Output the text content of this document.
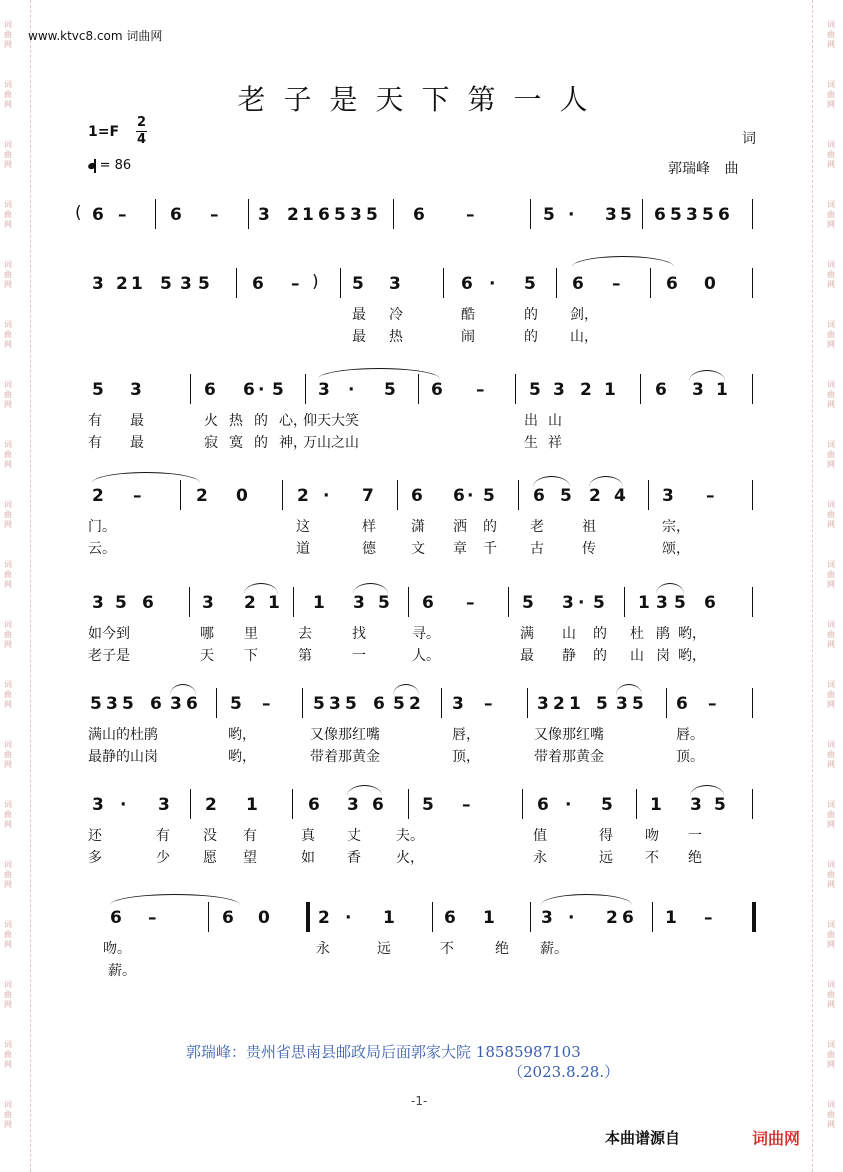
词
曲
网
词
曲
网
词
曲
网
词
曲
网
词
曲
网
词
曲
网
词
曲
网
词
曲
网
词
曲
网
词
曲
网
词
曲
网
词
曲
网
词
曲
网
词
曲
网
词
曲
网
词
曲
网
词
曲
网
词
曲
网
词
曲
网
词
曲
网
词
曲
网
词
曲
网
词
曲
网
词
曲
网
词
曲
网
词
曲
网
词
曲
网
词
曲
网
词
曲
网
词
曲
网
词
曲
网
词
曲
网
词
曲
网
词
曲
网
词
曲
网
词
曲
网
词
曲
网
词
曲
网
www.ktvc8.com 词曲网
老子是天下第一人
1=F
2
4
= 86
词
郭瑞峰 曲
6 –	6 – 3 2 1 6 5 3 5 6 –	5 · 3 5 6 5 3 5 6
(
3 2 1 5 3 5 6 –	5 3	6 · 5 6 –	6 0
)
最 冷	酷	的 剑，
最 热	闹	的 山，
5 3	6 6 · 5 3 · 5 6 –	5 3 2 1 6 3 1
有 最	火 热 的 心，
仰天大笑	出 山
有 最	寂 寞 的 神，
万山之山	生 祥
2 –	2 0	2 · 7 6 6 · 5 6 5 2 4 3 –
门。	这	样	潇 洒 的 老	祖	宗，
云。	道	德	文 章 千 古	传	颂，
3 5 6	3 2 1 1 3 5 6 –	5 3 · 5 1 3 5 6
如今到	哪 里	去	找	寻。	满 山 的 杜 鹃 哟，
老子是	天 下	第	一	人。	最 静 的 山 岗 哟，
5 3 5 6 3 6 5 –	5 3 5 6 5 2 3 –	3 2 1 5 3 5 6 –
满山的杜鹃	哟，	又像那红嘴	唇，	又像那红嘴	唇。
最静的山岗	哟，	带着那黄金	顶，	带着那黄金	顶。
3 · 3 2 1	6 3 6 5 –	6 · 5 1 3 5
还	有 没 有	真 丈	夫。	值	得 吻 一
多	少 愿 望	如 香	火，	永	远 不 绝
6 –	6 0	2 · 1	6 1	3 · 2 6 1 –
吻。	永	远	不	绝 薪。
薪。
郭瑞峰：贵州省思南县邮政局后面郭家大院 18585987103
（2023.8.28.）
-1-
本曲谱源自	词曲网
